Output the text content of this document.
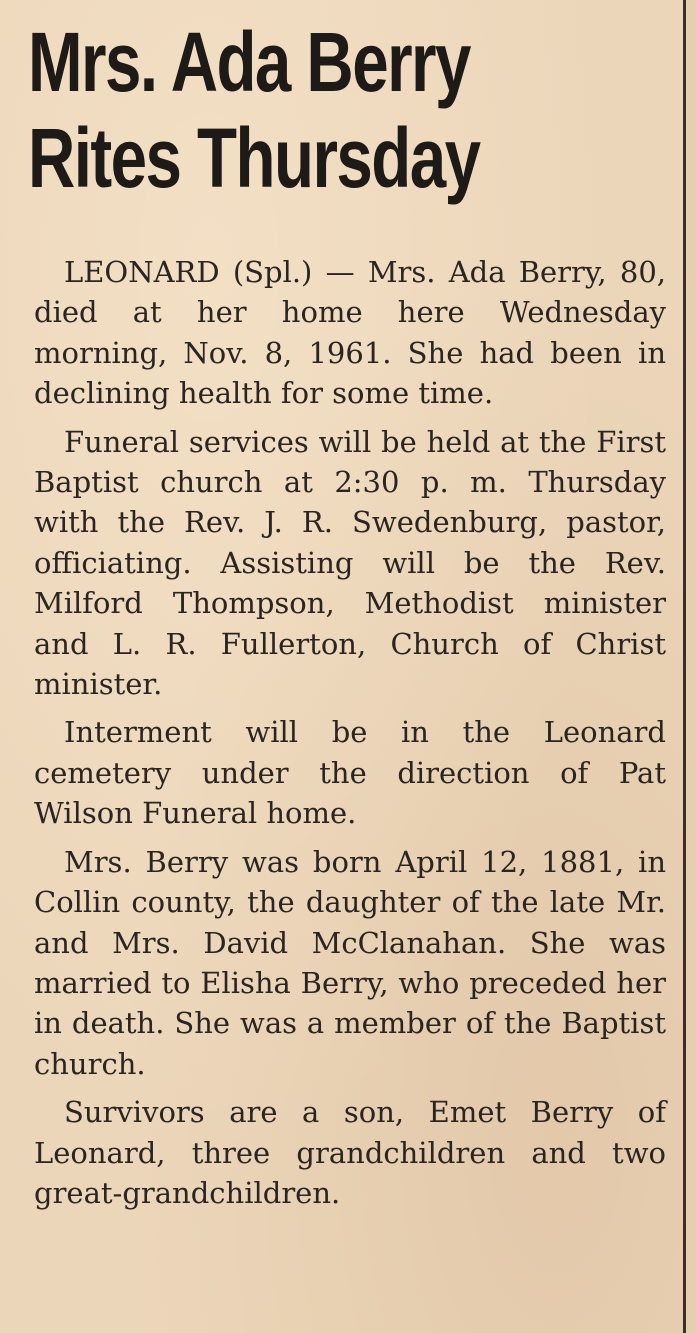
Mrs. Ada Berry
Rites Thursday

LEONARD (Spl.) — Mrs. Ada Berry, 80, died at her home here Wednesday morning, Nov. 8, 1961. She had been in declining health for some time.

Funeral services will be held at the First Baptist church at 2:30 p. m. Thursday with the Rev. J. R. Swedenburg, pastor, officiating. Assisting will be the Rev. Milford Thompson, Methodist minister and L. R. Fullerton, Church of Christ minister.

Interment will be in the Leonard cemetery under the direction of Pat Wilson Funeral home.

Mrs. Berry was born April 12, 1881, in Collin county, the daughter of the late Mr. and Mrs. David McClanahan. She was married to Elisha Berry, who preceded her in death. She was a member of the Baptist church.

Survivors are a son, Emet Berry of Leonard, three grandchildren and two great-grandchildren.
